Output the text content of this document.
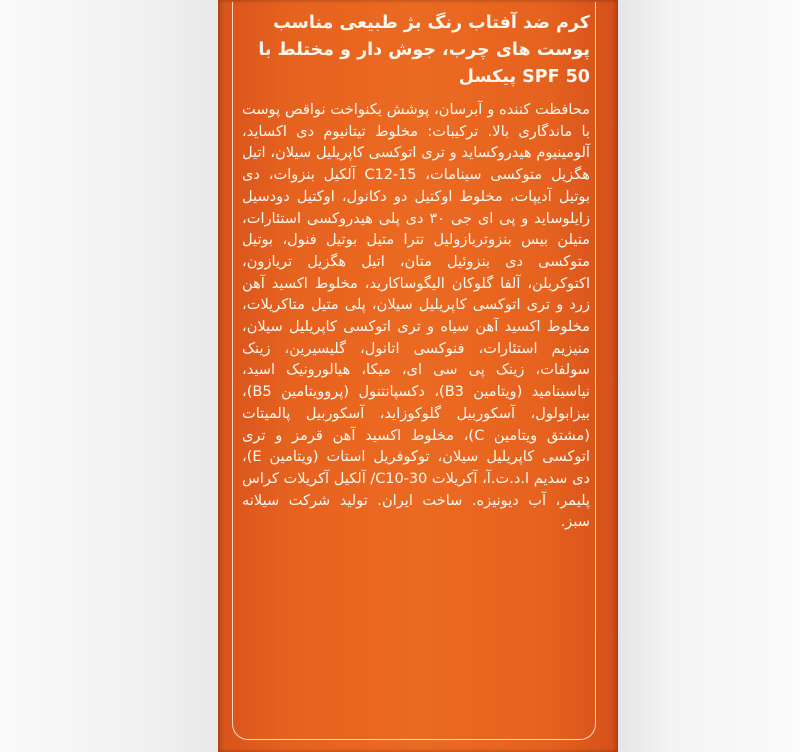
کرم ضد آفتاب رنگ بژ طبیعی مناسب پوست های چرب، جوش دار و مختلط با SPF 50 پیکسل
محافظت کننده و آبرسان، پوشش یکنواخت نواقص پوست با ماندگاری بالا. ترکیبات: مخلوط تیتانیوم دی اکساید، آلومینیوم هیدروکساید و تری اتوکسی کاپریلیل سیلان، اتیل هگزیل متوکسی سینامات، C12-15 آلکیل بنزوات، دی بوتیل آدیپات، مخلوط اوکتیل دو دکانول، اوکتیل دودسیل زایلوساید و پی ای جی ۳۰ دی پلی هیدروکسی استئارات، متیلن بیس بنزوتریازولیل تترا متیل بوتیل فنول، بوتیل متوکسی دی بنزوئیل متان، اتیل هگزیل تریازون، اکتوکریلن، آلفا گلوکان الیگوساکارید، مخلوط اکسید آهن زرد و تری اتوکسی کاپریلیل سیلان، پلی متیل متاکریلات، مخلوط اکسید آهن سیاه و تری اتوکسی کاپریلیل سیلان، منیزیم استئارات، فنوکسی اتانول، گلیسیرین، زینک سولفات، زینک پی سی ای، میکا، هیالورونیک اسید، نیاسینامید (ویتامین B3)، دکسپانتنول (پروویتامین B5)، بیزابولول، آسکوربیل گلوکوزاید، آسکوربیل پالمیتات (مشتق ویتامین C)، مخلوط اکسید آهن قرمز و تری اتوکسی کاپریلیل سیلان، توکوفریل استات (ویتامین E)، دی سدیم ا.د.ت.آ، آکریلات C10-30/ آلکیل آکریلات کراس پلیمر، آب دیونیزه. ساخت ایران. تولید شرکت سیلانه سبز.
